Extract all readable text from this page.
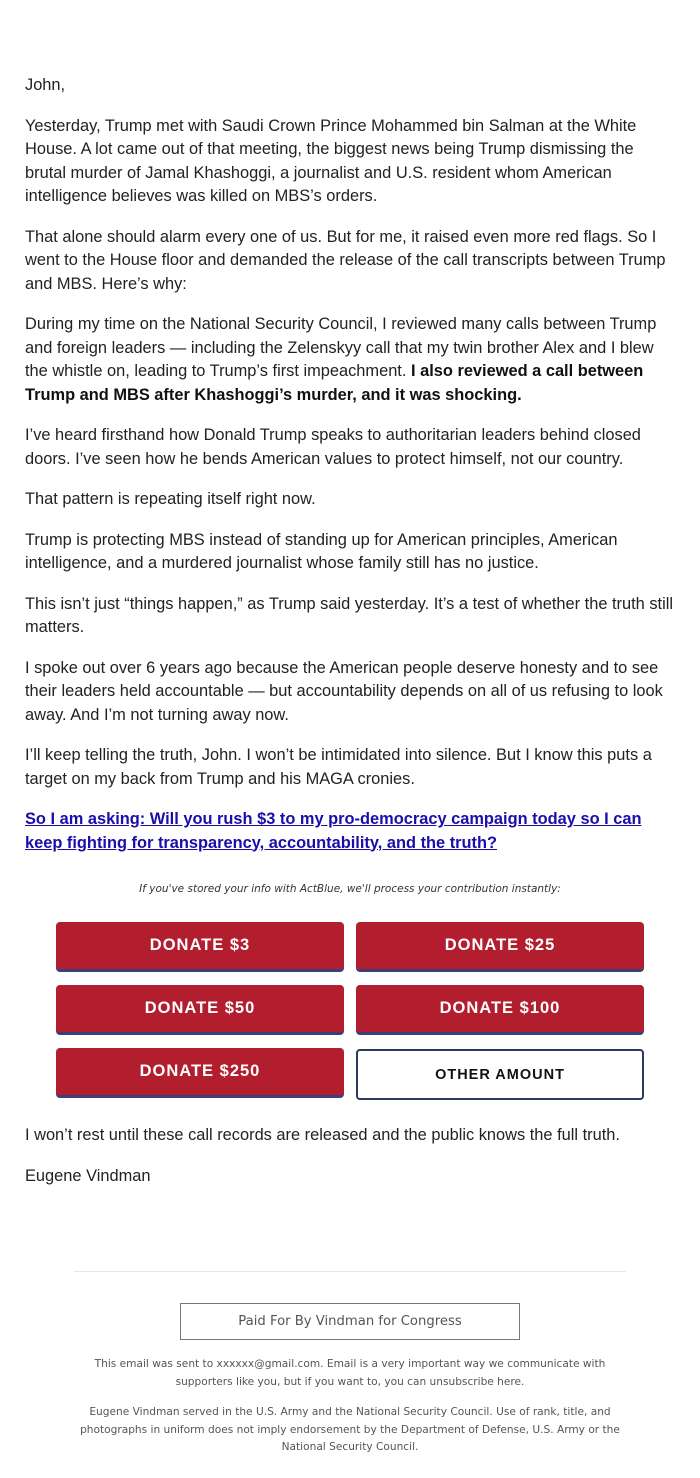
John,

Yesterday, Trump met with Saudi Crown Prince Mohammed bin Salman at the White House. A lot came out of that meeting, the biggest news being Trump dismissing the brutal murder of Jamal Khashoggi, a journalist and U.S. resident whom American intelligence believes was killed on MBS’s orders.

That alone should alarm every one of us. But for me, it raised even more red flags. So I went to the House floor and demanded the release of the call transcripts between Trump and MBS. Here’s why:

During my time on the National Security Council, I reviewed many calls between Trump and foreign leaders — including the Zelenskyy call that my twin brother Alex and I blew the whistle on, leading to Trump’s first impeachment. I also reviewed a call between Trump and MBS after Khashoggi’s murder, and it was shocking.

I’ve heard firsthand how Donald Trump speaks to authoritarian leaders behind closed doors. I’ve seen how he bends American values to protect himself, not our country.

That pattern is repeating itself right now.

Trump is protecting MBS instead of standing up for American principles, American intelligence, and a murdered journalist whose family still has no justice.

This isn’t just “things happen,” as Trump said yesterday. It’s a test of whether the truth still matters.

I spoke out over 6 years ago because the American people deserve honesty and to see their leaders held accountable — but accountability depends on all of us refusing to look away. And I’m not turning away now.

I’ll keep telling the truth, John. I won’t be intimidated into silence. But I know this puts a target on my back from Trump and his MAGA cronies.

So I am asking: Will you rush $3 to my pro-democracy campaign today so I can keep fighting for transparency, accountability, and the truth?
If you've stored your info with ActBlue, we'll process your contribution instantly:
DONATE $3	DONATE $25
DONATE $50	DONATE $100
DONATE $250	OTHER AMOUNT

I won’t rest until these call records are released and the public knows the full truth.

Eugene Vindman

Paid For By Vindman for Congress
This email was sent to xxxxxx@gmail.com. Email is a very important way we communicate with supporters like you, but if you want to, you can unsubscribe here.
Eugene Vindman served in the U.S. Army and the National Security Council. Use of rank, title, and photographs in uniform does not imply endorsement by the Department of Defense, U.S. Army or the National Security Council.
